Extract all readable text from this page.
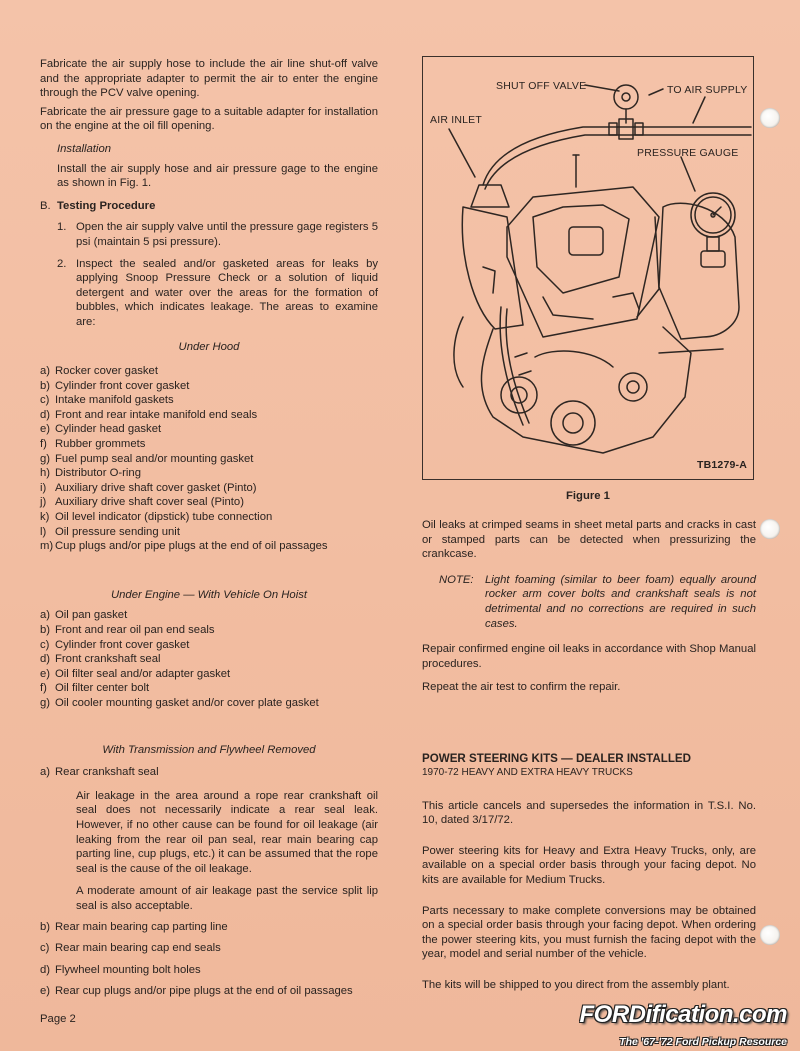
Fabricate the air supply hose to include the air line shut-off valve and the appropriate adapter to permit the air to enter the engine through the PCV valve opening.

Fabricate the air pressure gage to a suitable adapter for installation on the engine at the oil fill opening.

Installation

Install the air supply hose and air pressure gage to the engine as shown in Fig. 1.

B. Testing Procedure
1. Open the air supply valve until the pressure gage registers 5 psi (maintain 5 psi pressure).
2. Inspect the sealed and/or gasketed areas for leaks by applying Snoop Pressure Check or a solution of liquid detergent and water over the areas for the formation of bubbles, which indicates leakage. The areas to examine are:

Under Hood

a) Rocker cover gasket
b) Cylinder front cover gasket
c) Intake manifold gaskets
d) Front and rear intake manifold end seals
e) Cylinder head gasket
f) Rubber grommets
g) Fuel pump seal and/or mounting gasket
h) Distributor O-ring
i) Auxiliary drive shaft cover gasket (Pinto)
j) Auxiliary drive shaft cover seal (Pinto)
k) Oil level indicator (dipstick) tube connection
l) Oil pressure sending unit
m) Cup plugs and/or pipe plugs at the end of oil passages

Under Engine — With Vehicle On Hoist

a) Oil pan gasket
b) Front and rear oil pan end seals
c) Cylinder front cover gasket
d) Front crankshaft seal
e) Oil filter seal and/or adapter gasket
f) Oil filter center bolt
g) Oil cooler mounting gasket and/or cover plate gasket

With Transmission and Flywheel Removed

a) Rear crankshaft seal

Air leakage in the area around a rope rear crankshaft oil seal does not necessarily indicate a rear seal leak. However, if no other cause can be found for oil leakage (air leaking from the rear oil pan seal, rear main bearing cap parting line, cup plugs, etc.) it can be assumed that the rope seal is the cause of the oil leakage.

A moderate amount of air leakage past the service split lip seal is also acceptable.

b) Rear main bearing cap parting line
c) Rear main bearing cap end seals
d) Flywheel mounting bolt holes
e) Rear cup plugs and/or pipe plugs at the end of oil passages
SHUT OFF VALVE	TO AIR SUPPLY
AIR INLET
PRESSURE GAUGE
TB1279-A
Figure 1

Oil leaks at crimped seams in sheet metal parts and cracks in cast or stamped parts can be detected when pressurizing the crankcase.

NOTE:	Light foaming (similar to beer foam) equally around rocker arm cover bolts and crankshaft seals is not detrimental and no corrections are required in such cases.

Repair confirmed engine oil leaks in accordance with Shop Manual procedures.

Repeat the air test to confirm the repair.

POWER STEERING KITS — DEALER INSTALLED

1970-72 HEAVY AND EXTRA HEAVY TRUCKS

This article cancels and supersedes the information in T.S.I. No. 10, dated 3/17/72.

Power steering kits for Heavy and Extra Heavy Trucks, only, are available on a special order basis through your facing depot. No kits are available for Medium Trucks.

Parts necessary to make complete conversions may be obtained on a special order basis through your facing depot. When ordering the power steering kits, you must furnish the facing depot with the year, model and serial number of the vehicle.

The kits will be shipped to you direct from the assembly plant.

Page 2	FORDification.com
The '67-'72 Ford Pickup Resource
